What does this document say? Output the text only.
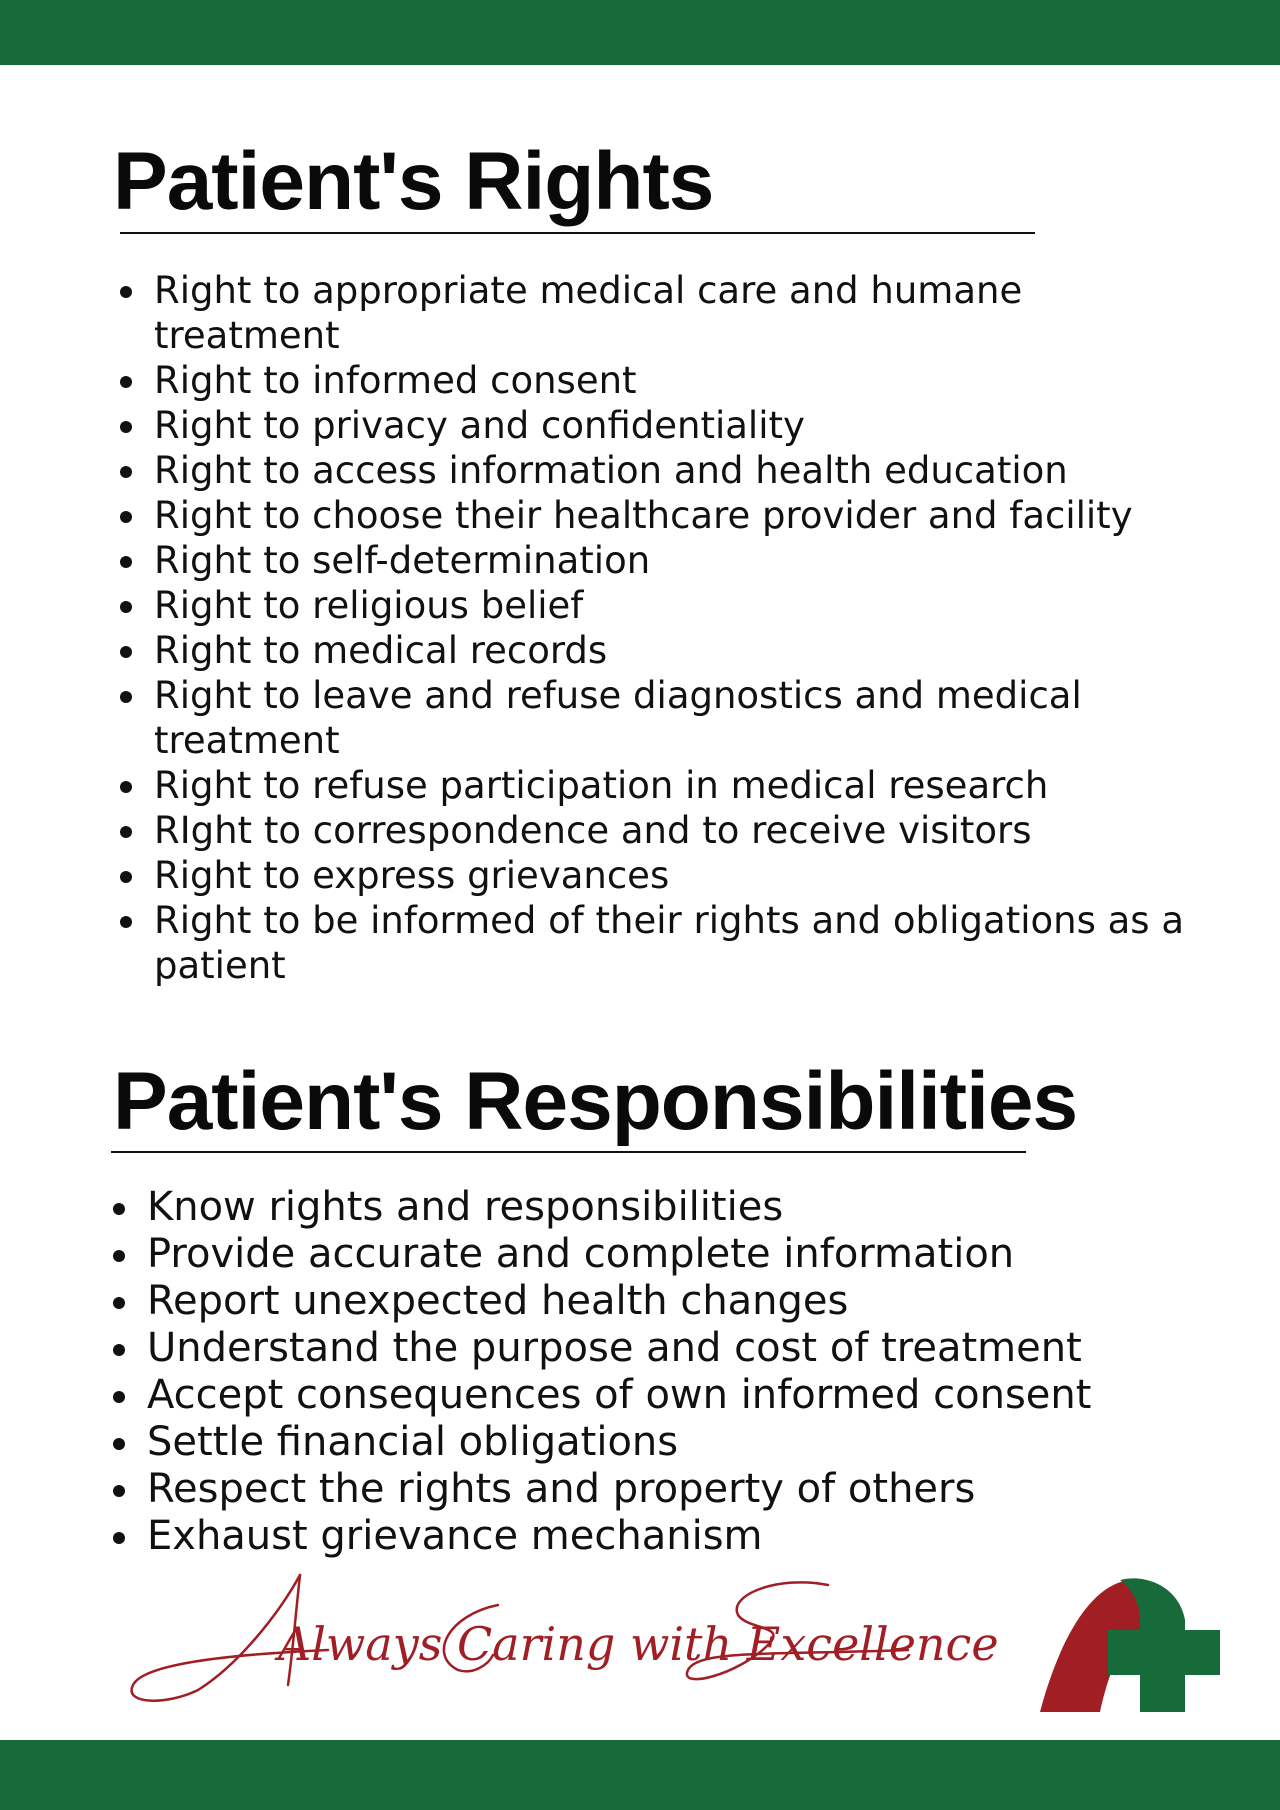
Patient's Rights
Right to appropriate medical care and humane treatment
Right to informed consent
Right to privacy and confidentiality
Right to access information and health education
Right to choose their healthcare provider and facility
Right to self-determination
Right to religious belief
Right to medical records
Right to leave and refuse diagnostics and medical treatment
Right to refuse participation in medical research
RIght to correspondence and to receive visitors
Right to express grievances
Right to be informed of their rights and obligations as a patient
Patient's Responsibilities
Know rights and responsibilities
Provide accurate and complete information
Report unexpected health changes
Understand the purpose and cost of treatment
Accept consequences of own informed consent
Settle financial obligations
Respect the rights and property of others
Exhaust grievance mechanism
Always Caring with Excellence
